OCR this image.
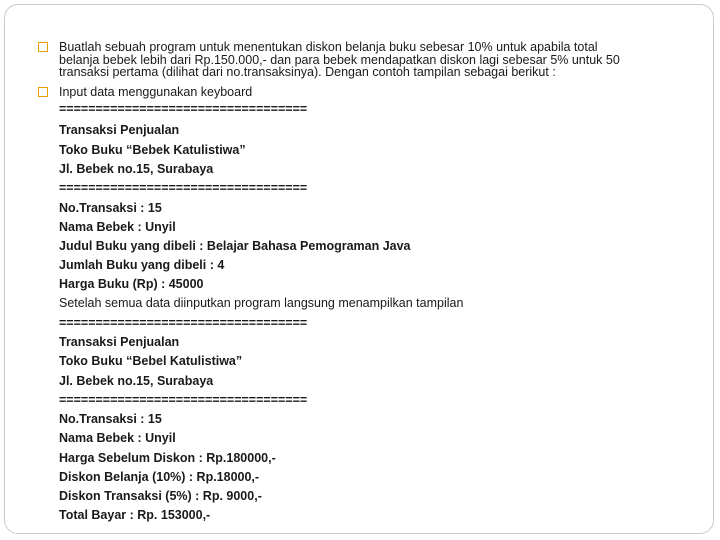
Buatlah sebuah program untuk menentukan diskon belanja buku sebesar 10% untuk apabila total
belanja bebek lebih dari Rp.150.000,- dan para bebek mendapatkan diskon lagi sebesar 5% untuk 50
transaksi pertama (dilihat dari no.transaksinya). Dengan contoh tampilan sebagai berikut :
Input data menggunakan keyboard
==================================
Transaksi Penjualan
Toko Buku “Bebek Katulistiwa”
Jl. Bebek no.15, Surabaya
==================================
No.Transaksi : 15
Nama Bebek : Unyil
Judul Buku yang dibeli : Belajar Bahasa Pemograman Java
Jumlah Buku yang dibeli : 4
Harga Buku (Rp) : 45000
Setelah semua data diinputkan program langsung menampilkan tampilan
==================================
Transaksi Penjualan
Toko Buku “Bebel Katulistiwa”
Jl. Bebek no.15, Surabaya
==================================
No.Transaksi : 15
Nama Bebek : Unyil
Harga Sebelum Diskon : Rp.180000,-
Diskon Belanja (10%) : Rp.18000,-
Diskon Transaksi (5%) : Rp. 9000,-
Total Bayar : Rp. 153000,-
